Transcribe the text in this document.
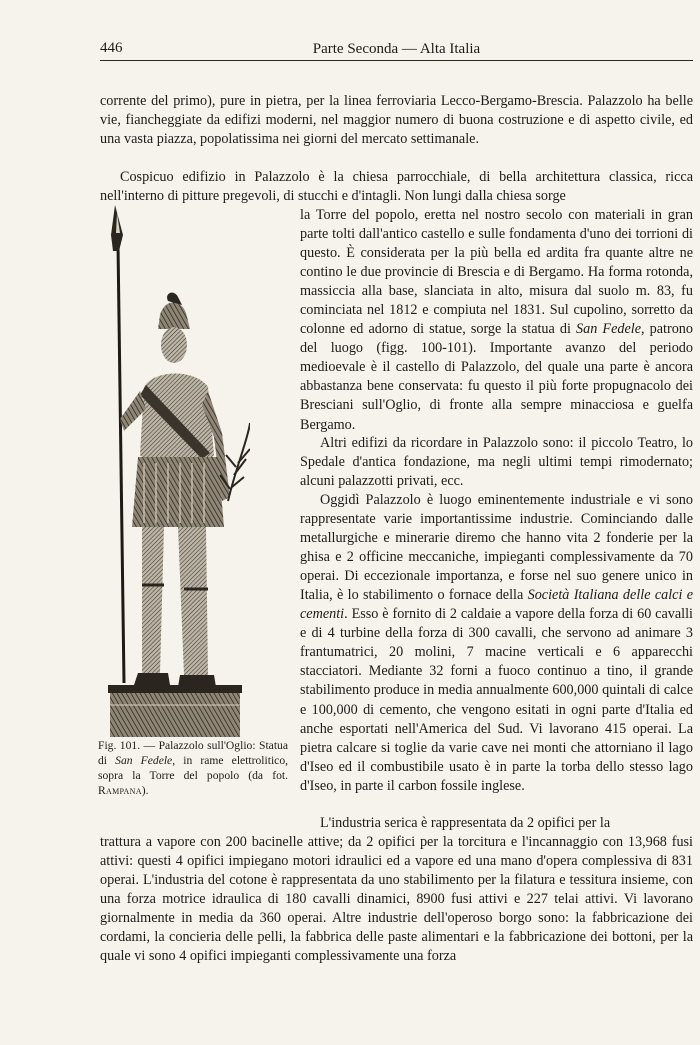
446	Parte Seconda — Alta Italia

corrente del primo), pure in pietra, per la linea ferroviaria Lecco-Bergamo-Brescia. Palazzolo ha belle vie, fiancheggiate da edifizi moderni, nel maggior numero di buona costruzione e di aspetto civile, ed una vasta piazza, popolatissima nei giorni del mercato settimanale.

Cospicuo edifizio in Palazzolo è la chiesa parrocchiale, di bella architettura classica, ricca nell'interno di pitture pregevoli, di stucchi e d'intagli. Non lungi dalla chiesa sorge

la Torre del popolo, eretta nel nostro secolo con materiali in gran parte tolti dall'antico castello e sulle fondamenta d'uno dei torrioni di questo. È considerata per la più bella ed ardita fra quante altre ne contino le due provincie di Brescia e di Bergamo. Ha forma rotonda, massiccia alla base, slanciata in alto, misura dal suolo m. 83, fu cominciata nel 1812 e compiuta nel 1831. Sul cupolino, sorretto da colonne ed adorno di statue, sorge la statua di San Fedele, patrono del luogo (figg. 100-101). Importante avanzo del periodo medioevale è il castello di Palazzolo, del quale una parte è ancora abbastanza bene conservata: fu questo il più forte propugnacolo dei Bresciani sull'Oglio, di fronte alla sempre minacciosa e guelfa Bergamo.

Altri edifizi da ricordare in Palazzolo sono: il piccolo Teatro, lo Spedale d'antica fondazione, ma negli ultimi tempi rimodernato; alcuni palazzotti privati, ecc.

Oggidì Palazzolo è luogo eminentemente industriale e vi sono rappresentate varie importantissime industrie. Cominciando dalle metallurgiche e minerarie diremo che hanno vita 2 fonderie per la ghisa e 2 officine meccaniche, impieganti complessivamente da 70 operai. Di eccezionale importanza, e forse nel suo genere unico in Italia, è lo stabilimento o fornace della Società Italiana delle calci e cementi. Esso è fornito di 2 caldaie a vapore della forza di 60 cavalli e di 4 turbine della forza di 300 cavalli, che servono ad animare 3 frantumatrici, 20 molini, 7 macine verticali e 6 apparecchi stacciatori. Mediante 32 forni a fuoco continuo a tino, il grande stabilimento produce in media annualmente 600,000 quintali di calce e 100,000 di cemento, che vengono esitati in ogni parte d'Italia ed anche esportati nell'America del Sud. Vi lavorano 415 operai. La pietra calcare si toglie da varie cave nei monti che attorniano il lago d'Iseo ed il combustibile usato è in parte la torba dello stesso lago d'Iseo, in parte il carbon fossile inglese.

L'industria serica è rappresentata da 2 opifici per la

trattura a vapore con 200 bacinelle attive; da 2 opifici per la torcitura e l'incannaggio con 13,968 fusi attivi: questi 4 opifici impiegano motori idraulici ed a vapore ed una mano d'opera complessiva di 831 operai. L'industria del cotone è rappresentata da uno stabilimento per la filatura e tessitura insieme, con una forza motrice idraulica di 180 cavalli dinamici, 8900 fusi attivi e 227 telai attivi. Vi lavorano giornalmente in media da 360 operai. Altre industrie dell'operoso borgo sono: la fabbricazione dei cordami, la concieria delle pelli, la fabbrica delle paste alimentari e la fabbricazione dei bottoni, per la quale vi sono 4 opifici impieganti complessivamente una forza

Fig. 101. — Palazzolo sull'Oglio: Statua di San Fedele, in rame elettrolitico, sopra la Torre del popolo (da fot. Rampana).
